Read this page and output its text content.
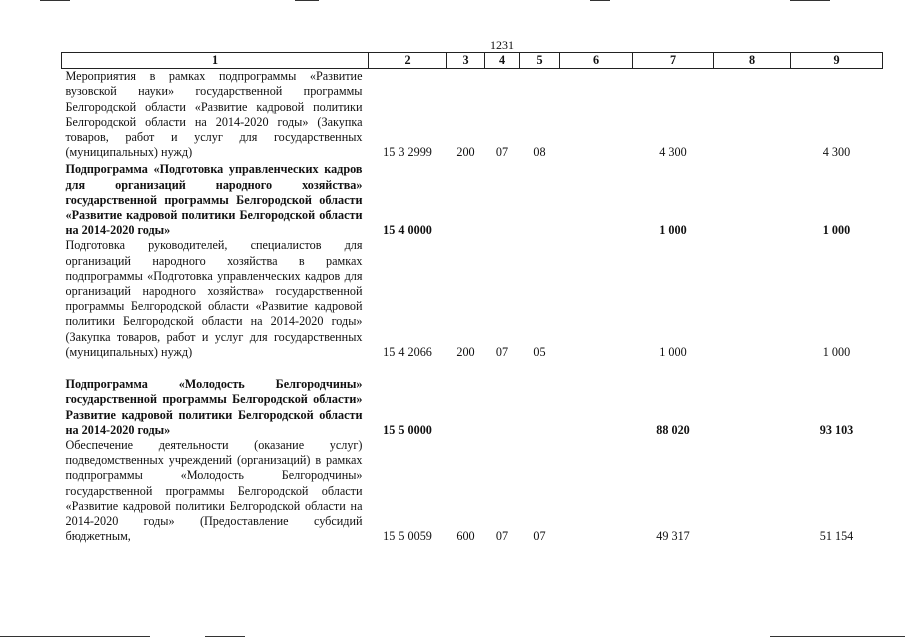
1231
1	2	3	4	5	6	7	8	9
Мероприятия в рамках подпрограммы «Развитие вузовской науки» государственной программы Белгородской области «Развитие кадровой политики Белгородской области на 2014-2020 годы» (Закупка товаров, работ и услуг для государственных (муниципальных) нужд)	15 3 2999	200	07	08		4 300		4 300
Подпрограмма «Подготовка управленческих кадров для организаций народного хозяйства» государственной программы Белгородской области «Развитие кадровой политики Белгородской области на 2014-2020 годы»	15 4 0000					1 000		1 000
Подготовка руководителей, специалистов для организаций народного хозяйства в рамках подпрограммы «Подготовка управленческих кадров для организаций народного хозяйства» государственной программы Белгородской области «Развитие кадровой политики Белгородской области на 2014-2020 годы» (Закупка товаров, работ и услуг для государственных (муниципальных) нужд)	15 4 2066	200	07	05		1 000		1 000
Подпрограмма «Молодость Белгородчины» государственной программы Белгородской области» Развитие кадровой политики Белгородской области на 2014-2020 годы»	15 5 0000					88 020		93 103
Обеспечение деятельности (оказание услуг) подведомственных учреждений (организаций) в рамках подпрограммы «Молодость Белгородчины» государственной программы Белгородской области «Развитие кадровой политики Белгородской области на 2014-2020 годы» (Предоставление субсидий бюджетным,	15 5 0059	600	07	07		49 317		51 154
